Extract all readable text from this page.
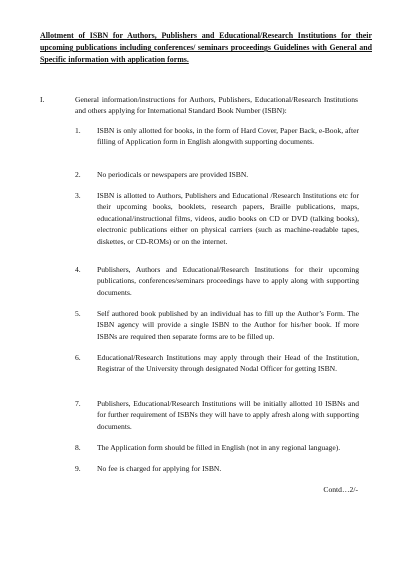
Allotment of ISBN for Authors, Publishers and Educational/Research Institutions for their upcoming publications including conferences/ seminars proceedings Guidelines with General and Specific information with application forms.
I.	General information/instructions for Authors, Publishers, Educational/Research Institutions and others applying for International Standard Book Number (ISBN):
1. ISBN is only allotted for books, in the form of Hard Cover, Paper Back, e-Book, after filling of Application form in English alongwith supporting documents.
2. No periodicals or newspapers are provided ISBN.
3. ISBN is allotted to Authors, Publishers and Educational /Research Institutions etc for their upcoming books, booklets, research papers, Braille publications, maps, educational/instructional films, videos, audio books on CD or DVD (talking books), electronic publications either on physical carriers (such as machine-readable tapes, diskettes, or CD-ROMs) or on the internet.
4. Publishers, Authors and Educational/Research Institutions for their upcoming publications, conferences/seminars proceedings have to apply along with supporting documents.
5. Self authored book published by an individual has to fill up the Author’s Form. The ISBN agency will provide a single ISBN to the Author for his/her book. If more ISBNs are required then separate forms are to be filled up.
6. Educational/Research Institutions may apply through their Head of the Institution, Registrar of the University through designated Nodal Officer for getting ISBN.
7. Publishers, Educational/Research Institutions will be initially allotted 10 ISBNs and for further requirement of ISBNs they will have to apply afresh along with supporting documents.
8. The Application form should be filled in English (not in any regional language).
9. No fee is charged for applying for ISBN.
Contd…2/-
